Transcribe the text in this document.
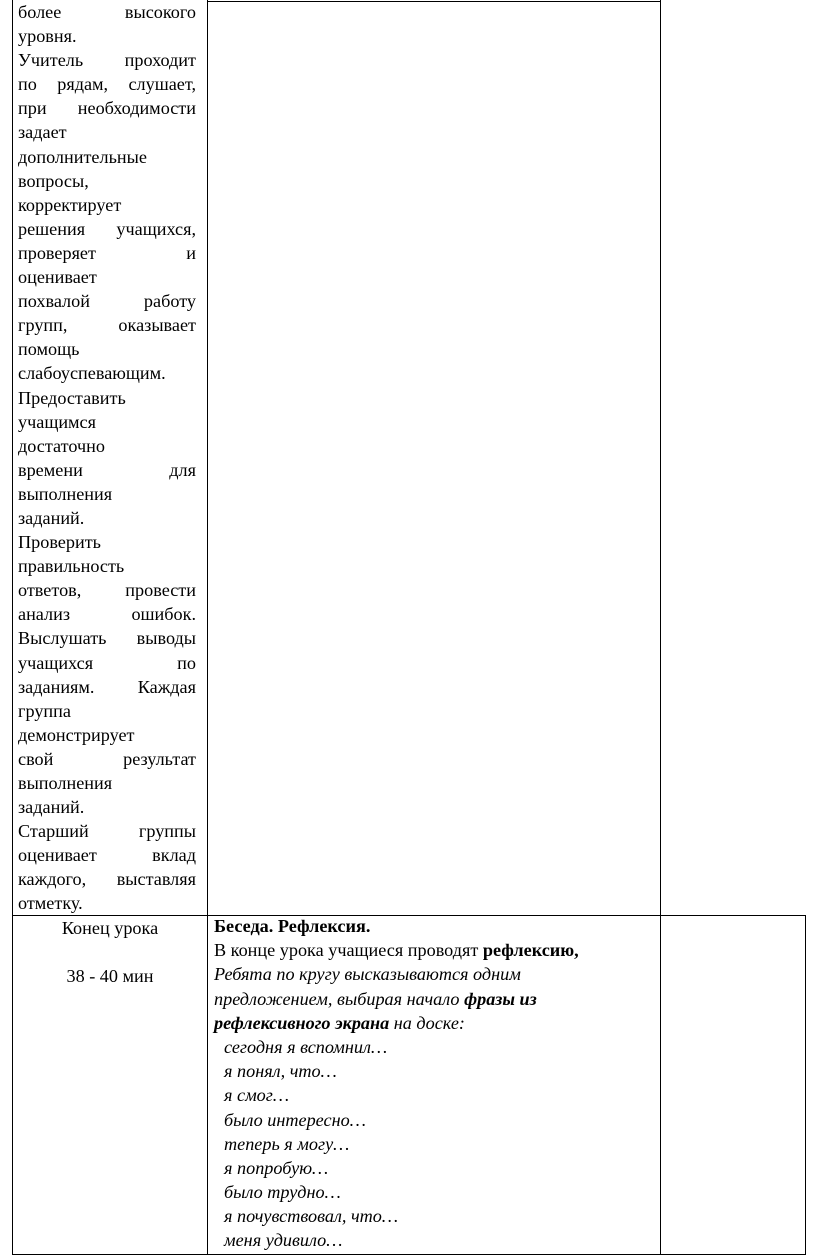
более высокого
уровня.
Учитель проходит
по рядам, слушает,
при необходимости
задает
дополнительные
вопросы,
корректирует
решения учащихся,
проверяет и
оценивает
похвалой работу
групп, оказывает
помощь
слабоуспевающим.
Предоставить
учащимся
достаточно
времени для
выполнения
заданий.
Проверить
правильность
ответов, провести
анализ ошибок.
Выслушать выводы
учащихся по
заданиям. Каждая
группа
демонстрирует
свой результат
выполнения
заданий.
Старший группы
оценивает вклад
каждого, выставляя
отметку.
Конец урока
38 - 40 мин
Беседа. Рефлексия.
В конце урока учащиеся проводят рефлексию,
Ребята по кругу высказываются одним
предложением, выбирая начало фразы из
рефлексивного экрана на доске:
сегодня я вспомнил…
я понял, что…
я смог…
было интересно…
теперь я могу…
я попробую…
было трудно…
я почувствовал, что…
меня удивило…
